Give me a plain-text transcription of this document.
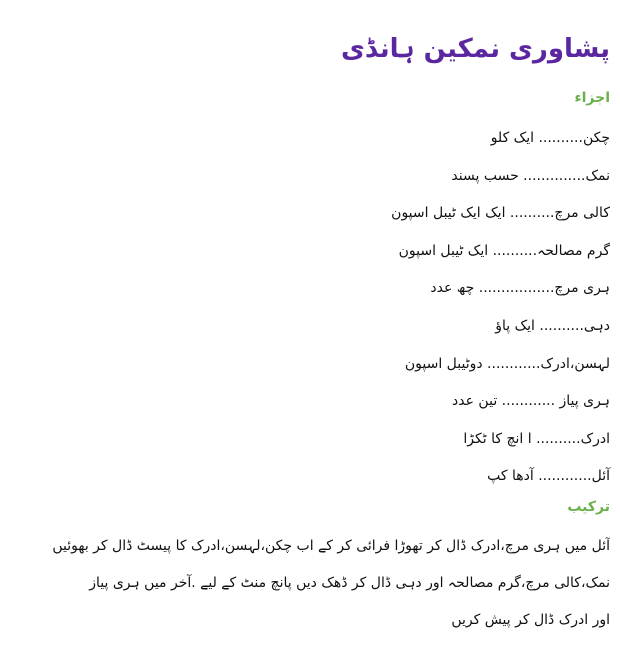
پشاوری نمکین ہانڈی
اجزاء
چکن.......... ایک کلو
نمک.............. حسب پسند
کالی مرچ.......... ایک ایک ٹیبل اسپون
گرم مصالحہ.......... ایک ٹیبل اسپون
ہری مرچ................. چھ عدد
دہی.......... ایک پاؤ
لہسن،ادرک............ دوٹیبل اسپون
ہری پیاز ............ تین عدد
ادرک.......... ا انچ کا ٹکڑا
آئل............ آدھا کپ
ترکیب
آئل میں ہری مرچ،ادرک ڈال کر تھوڑا فرائی کر کے اب چکن،لہسن،ادرک کا پیسٹ ڈال کر بھوئیں
نمک،کالی مرچ،گرم مصالحہ اور دہی ڈال کر ڈھک دیں پانچ منٹ کے لیے .آخر میں ہری پیاز
اور ادرک ڈال کر پیش کریں
